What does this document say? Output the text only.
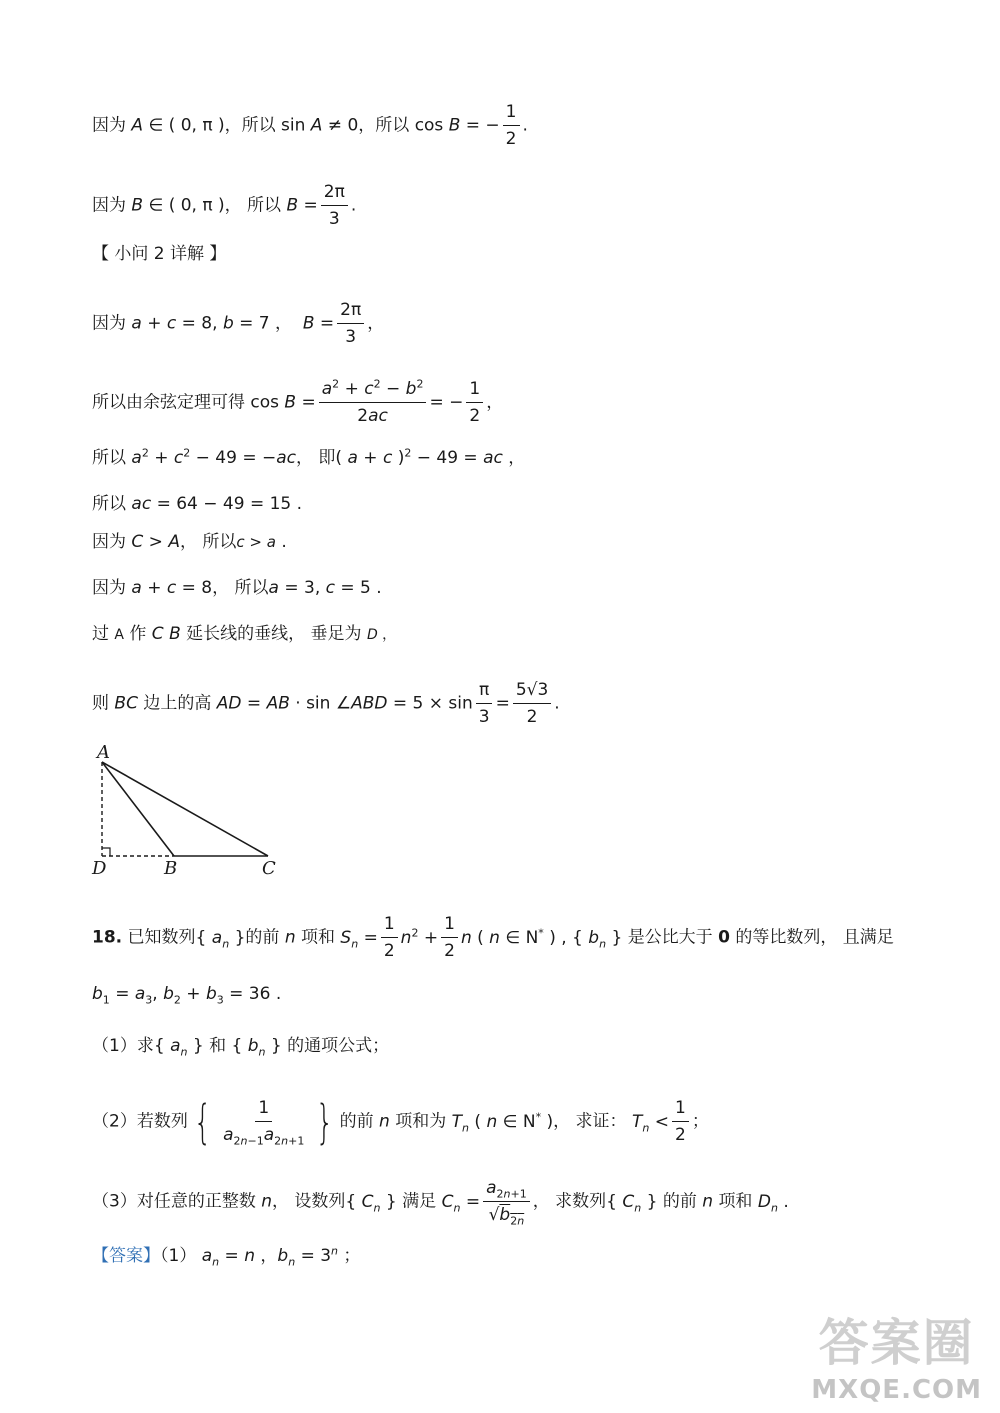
因为 A ∈ ( 0, π )，所以 sin A ≠ 0，所以 cos B = − $\frac{1}{2}$ .
因为 B ∈ ( 0, π )， 所以 $B = \frac{2\pi}{3}$ .
【 小问 2 详解 】
因为 a + c = 8, b = 7 ，  $B = \frac{2\pi}{3}$ ，
所以由余弦定理可得 $\cos B = \frac{a^2 + c^2 - b^2}{2ac}$ = − $\frac{1}{2}$ ，
所以 $a^2 + c^2 - 49 = -ac$， 即( a + c )$^2$ − 49 = ac ，
所以 ac = 64 − 49 = 15 .
因为 C > A， 所以c > a .
因为 a + c = 8， 所以a = 3, c = 5 .
过 A 作 C B 延长线的垂线， 垂足为 D ，
则 BC 边上的高 AD = AB · sin ∠ABD = $5 \times \sin \frac{\pi}{3} = \frac{5√3}{2}$ .
A
D	B	C
18. 已知数列{ $a_n$ }的前 n 项和 $S_n = \frac{1}{2} n^2 + \frac{1}{2}$ n ( n ∈ N* ) , { $b_n$ } 是公比大于 0 的等比数列， 且满足
$b_1 = a_3$, $b_2 + b_3 = 36$ .
（1）求{ $a_n$ } 和 { $b_n$ } 的通项公式；
（2）若数列 { $\frac{1}{a_{2n-1}a_{2n+1}}$ } 的前 n 项和为 $T_n$ ( n ∈ N* )， 求证： $T_n < \frac{1}{2}$ ；
（3）对任意的正整数 n， 设数列{ $C_n$ } 满足 $C_n = \frac{a_{2n+1}}{√b_{2n}}$ ， 求数列{ $C_n$ } 的前 n 项和 $D_n$ .
【答案】（1） $a_n = n$ ，$b_n = 3^n$ ；
答案圈
MXQE.COM
